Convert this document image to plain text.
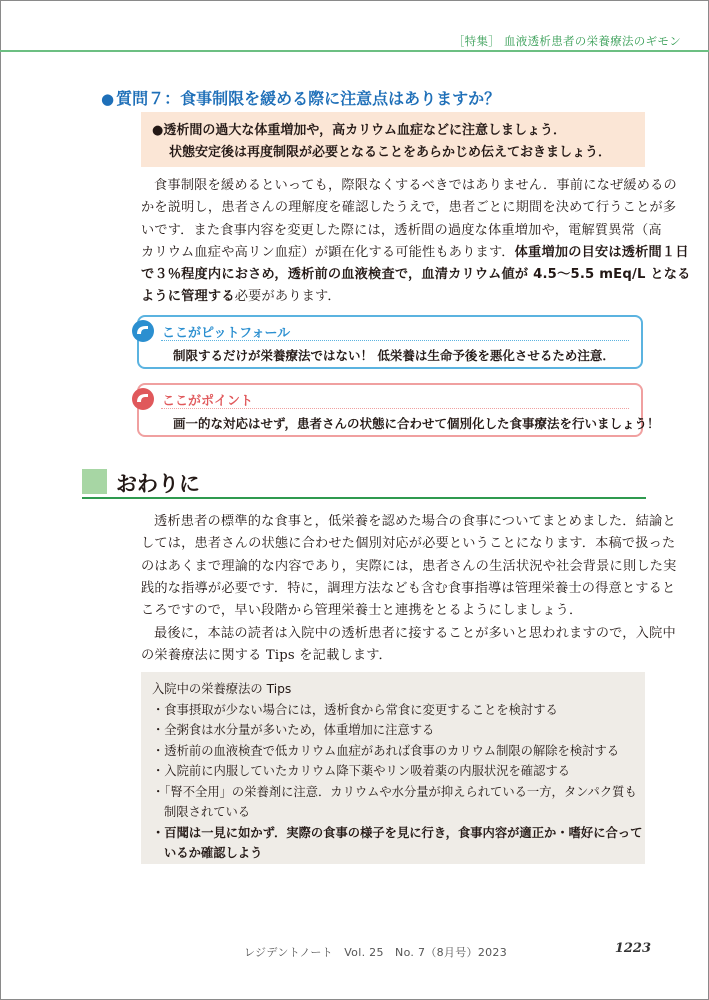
［特集］ 血液透析患者の栄養療法のギモン
● 質問７：食事制限を緩める際に注意点はありますか？
●透析間の過大な体重増加や，高カリウム血症などに注意しましょう．
状態安定後は再度制限が必要となることをあらかじめ伝えておきましょう．
食事制限を緩めるといっても，際限なくするべきではありません．事前になぜ緩めるの
かを説明し，患者さんの理解度を確認したうえで，患者ごとに期間を決めて行うことが多
いです．また食事内容を変更した際には，透析間の過度な体重増加や，電解質異常（高
カリウム血症や高リン血症）が顕在化する可能性もあります．体重増加の目安は透析間１日
で３％程度内におさめ，透析前の血液検査で，血清カリウム値が 4.5～5.5 mEq/L となる
ように管理する必要があります．
ここがピットフォール
制限するだけが栄養療法ではない！ 低栄養は生命予後を悪化させるため注意．
ここがポイント
画一的な対応はせず，患者さんの状態に合わせて個別化した食事療法を行いましょう！
おわりに
透析患者の標準的な食事と，低栄養を認めた場合の食事についてまとめました．結論と
しては，患者さんの状態に合わせた個別対応が必要ということになります．本稿で扱った
のはあくまで理論的な内容であり，実際には，患者さんの生活状況や社会背景に則した実
践的な指導が必要です．特に，調理方法なども含む食事指導は管理栄養士の得意とすると
ころですので，早い段階から管理栄養士と連携をとるようにしましょう．
最後に，本誌の読者は入院中の透析患者に接することが多いと思われますので，入院中
の栄養療法に関する Tips を記載します．
入院中の栄養療法の Tips
・食事摂取が少ない場合には，透析食から常食に変更することを検討する
・全粥食は水分量が多いため，体重増加に注意する
・透析前の血液検査で低カリウム血症があれば食事のカリウム制限の解除を検討する
・入院前に内服していたカリウム降下薬やリン吸着薬の内服状況を確認する
・「腎不全用」の栄養剤に注意．カリウムや水分量が抑えられている一方，タンパク質も
制限されている
・百聞は一見に如かず．実際の食事の様子を見に行き，食事内容が適正か・嗜好に合って
いるか確認しよう
レジデントノート　Vol. 25　No. 7（8月号）2023	1223
